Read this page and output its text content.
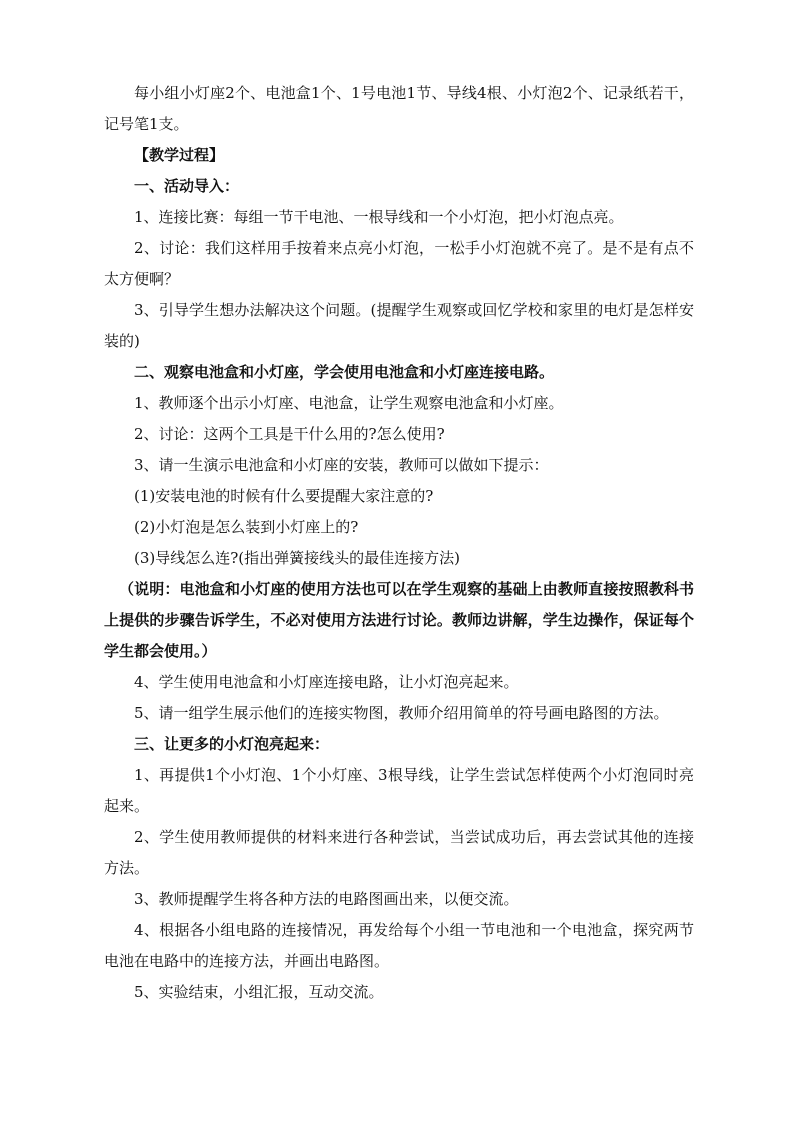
每小组小灯座2个、电池盒1个、1号电池1节、导线4根、小灯泡2个、记录纸若干，记号笔1支。

【教学过程】

一、活动导入：

1、连接比赛：每组一节干电池、一根导线和一个小灯泡，把小灯泡点亮。

2、讨论：我们这样用手按着来点亮小灯泡，一松手小灯泡就不亮了。是不是有点不太方便啊？

3、引导学生想办法解决这个问题。(提醒学生观察或回忆学校和家里的电灯是怎样安装的)

二、观察电池盒和小灯座，学会使用电池盒和小灯座连接电路。

1、教师逐个出示小灯座、电池盒，让学生观察电池盒和小灯座。

2、讨论：这两个工具是干什么用的?怎么使用?

3、请一生演示电池盒和小灯座的安装，教师可以做如下提示：

(1)安装电池的时候有什么要提醒大家注意的?

(2)小灯泡是怎么装到小灯座上的?

(3)导线怎么连?(指出弹簧接线头的最佳连接方法)

（说明：电池盒和小灯座的使用方法也可以在学生观察的基础上由教师直接按照教科书上提供的步骤告诉学生，不必对使用方法进行讨论。教师边讲解，学生边操作，保证每个学生都会使用。）

4、学生使用电池盒和小灯座连接电路，让小灯泡亮起来。

5、请一组学生展示他们的连接实物图，教师介绍用简单的符号画电路图的方法。

三、让更多的小灯泡亮起来：

1、再提供1个小灯泡、1个小灯座、3根导线，让学生尝试怎样使两个小灯泡同时亮起来。

2、学生使用教师提供的材料来进行各种尝试，当尝试成功后，再去尝试其他的连接方法。

3、教师提醒学生将各种方法的电路图画出来，以便交流。

4、根据各小组电路的连接情况，再发给每个小组一节电池和一个电池盒，探究两节电池在电路中的连接方法，并画出电路图。

5、实验结束，小组汇报，互动交流。
